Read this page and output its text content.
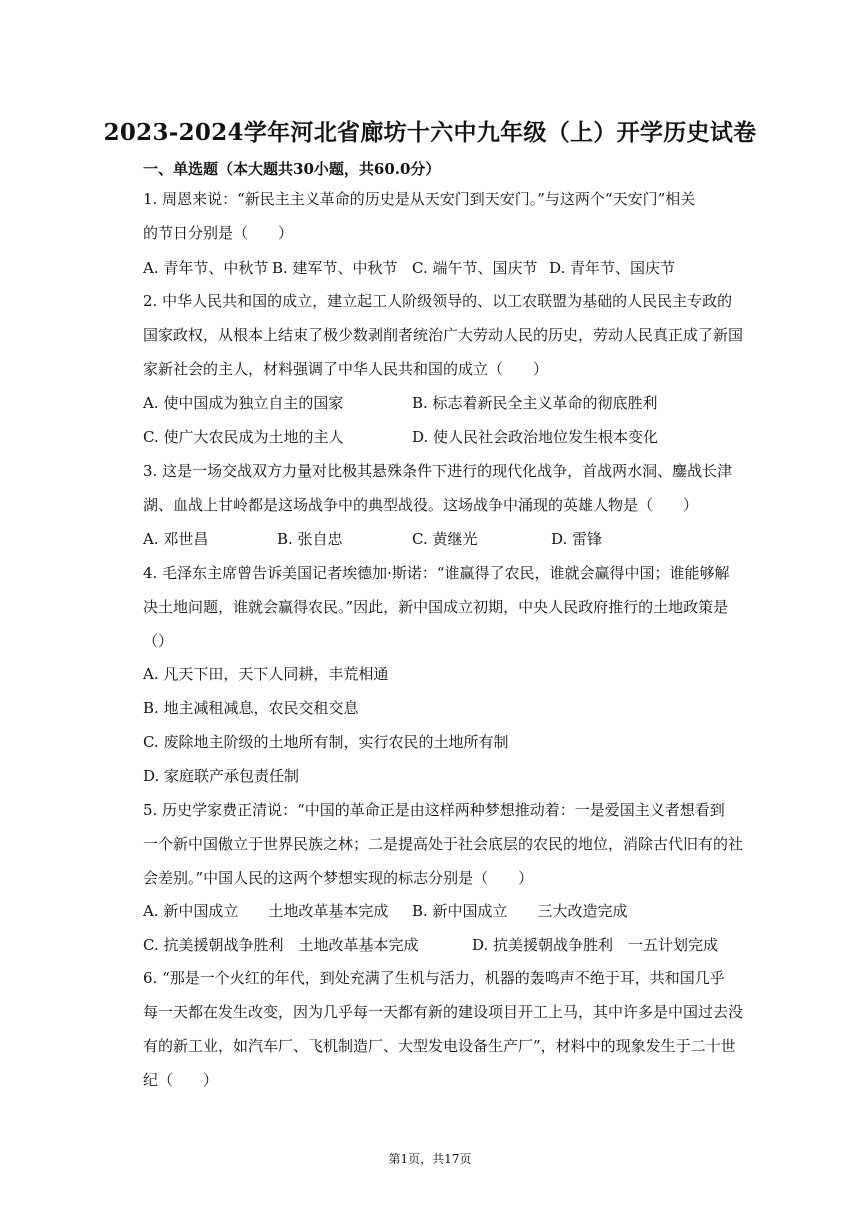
2023-2024学年河北省廊坊十六中九年级（上）开学历史试卷
一、单选题（本大题共30小题，共60.0分）
1. 周恩来说：“新民主主义革命的历史是从天安门到天安门。”与这两个“天安门”相关
的节日分别是（　　）
A. 青年节、中秋节 B. 建军节、中秋节 C. 端午节、国庆节 D. 青年节、国庆节
2. 中华人民共和国的成立，建立起工人阶级领导的、以工农联盟为基础的人民民主专政的
国家政权，从根本上结束了极少数剥削者统治广大劳动人民的历史，劳动人民真正成了新国
家新社会的主人，材料强调了中华人民共和国的成立（　　）
A. 使中国成为独立自主的国家	B. 标志着新民全主义革命的彻底胜利
C. 使广大农民成为土地的主人	D. 使人民社会政治地位发生根本变化
3. 这是一场交战双方力量对比极其悬殊条件下进行的现代化战争，首战两水洞、鏖战长津
湖、血战上甘岭都是这场战争中的典型战役。这场战争中涌现的英雄人物是（　　）
A. 邓世昌	B. 张自忠	C. 黄继光	D. 雷锋
4. 毛泽东主席曾告诉美国记者埃德加·斯诺：“谁赢得了农民，谁就会赢得中国；谁能够解
决土地问题，谁就会赢得农民。”因此，新中国成立初期，中央人民政府推行的土地政策是
（）
A. 凡天下田，天下人同耕，丰荒相通
B. 地主减租减息，农民交租交息
C. 废除地主阶级的土地所有制，实行农民的土地所有制
D. 家庭联产承包责任制
5. 历史学家费正清说：“中国的革命正是由这样两种梦想推动着：一是爱国主义者想看到
一个新中国傲立于世界民族之林；二是提高处于社会底层的农民的地位，消除古代旧有的社
会差别。”中国人民的这两个梦想实现的标志分别是（　　）
A. 新中国成立　　土地改革基本完成 B. 新中国成立　　三大改造完成
C. 抗美援朝战争胜利　土地改革基本完成	D. 抗美援朝战争胜利　一五计划完成
6. “那是一个火红的年代，到处充满了生机与活力，机器的轰鸣声不绝于耳，共和国几乎
每一天都在发生改变，因为几乎每一天都有新的建设项目开工上马，其中许多是中国过去没
有的新工业，如汽车厂、飞机制造厂、大型发电设备生产厂”，材料中的现象发生于二十世
纪（　　）
第1页，共17页
